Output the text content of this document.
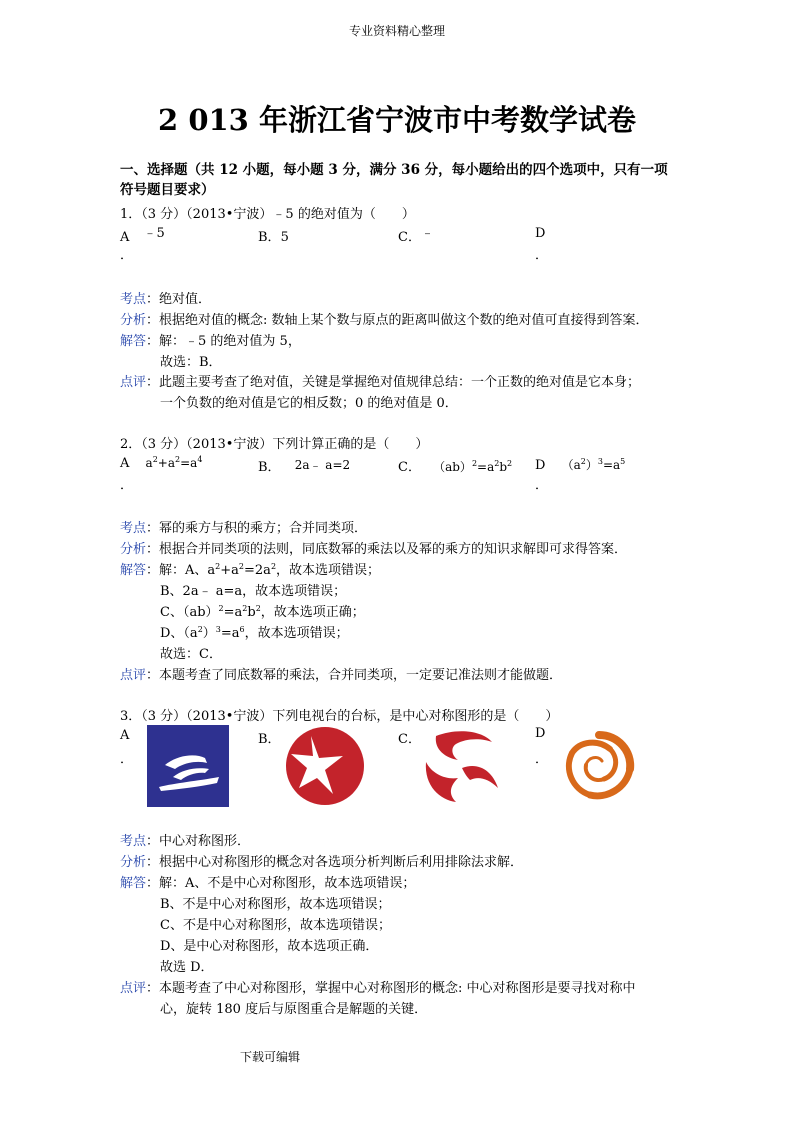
专业资料精心整理
2 013 年浙江省宁波市中考数学试卷
一、选择题（共 12 小题，每小题 3 分，满分 36 分，每小题给出的四个选项中，只有一项符号题目要求）
1．（3 分）（2013•宁波）﹣5 的绝对值为（　　）
A ﹣5	B．5	C．﹣	D
．	．
考点：绝对值．
分析：根据绝对值的概念: 数轴上某个数与原点的距离叫做这个数的绝对值可直接得到答案．
解答：解：﹣5 的绝对值为 5，
故选：B．
点评：此题主要考查了绝对值，关键是掌握绝对值规律总结：一个正数的绝对值是它本身；
一个负数的绝对值是它的相反数；0 的绝对值是 0．
2．（3 分）（2013•宁波）下列计算正确的是（　　）
A $a^2+a^2=a^4$
B． 2a﹣ a=2	C． $(ab)^2=a^2b^2$ D $(a^2)^3=a^5$
．	．
考点：幂的乘方与积的乘方；合并同类项．
分析：根据合并同类项的法则，同底数幂的乘法以及幂的乘方的知识求解即可求得答案．
解答：解：A、$a^2+a^2=2a^2$，故本选项错误；
B、2a﹣ a=a，故本选项错误；
C、$(ab)^2=a^2b^2$，故本选项正确；
D、$(a^2)^3=a^6$，故本选项错误；
故选：C．
点评：本题考查了同底数幂的乘法，合并同类项，一定要记准法则才能做题．
3．（3 分）（2013•宁波）下列电视台的台标，是中心对称图形的是（　　）
A
．
B．	C．	D
．
考点：中心对称图形．
分析：根据中心对称图形的概念对各选项分析判断后利用排除法求解．
解答：解：A、不是中心对称图形，故本选项错误；
B、不是中心对称图形，故本选项错误；
C、不是中心对称图形，故本选项错误；
D、是中心对称图形，故本选项正确．
故选 D．
点评：本题考查了中心对称图形，掌握中心对称图形的概念: 中心对称图形是要寻找对称中
心，旋转 180 度后与原图重合是解题的关键．
下载可编辑
